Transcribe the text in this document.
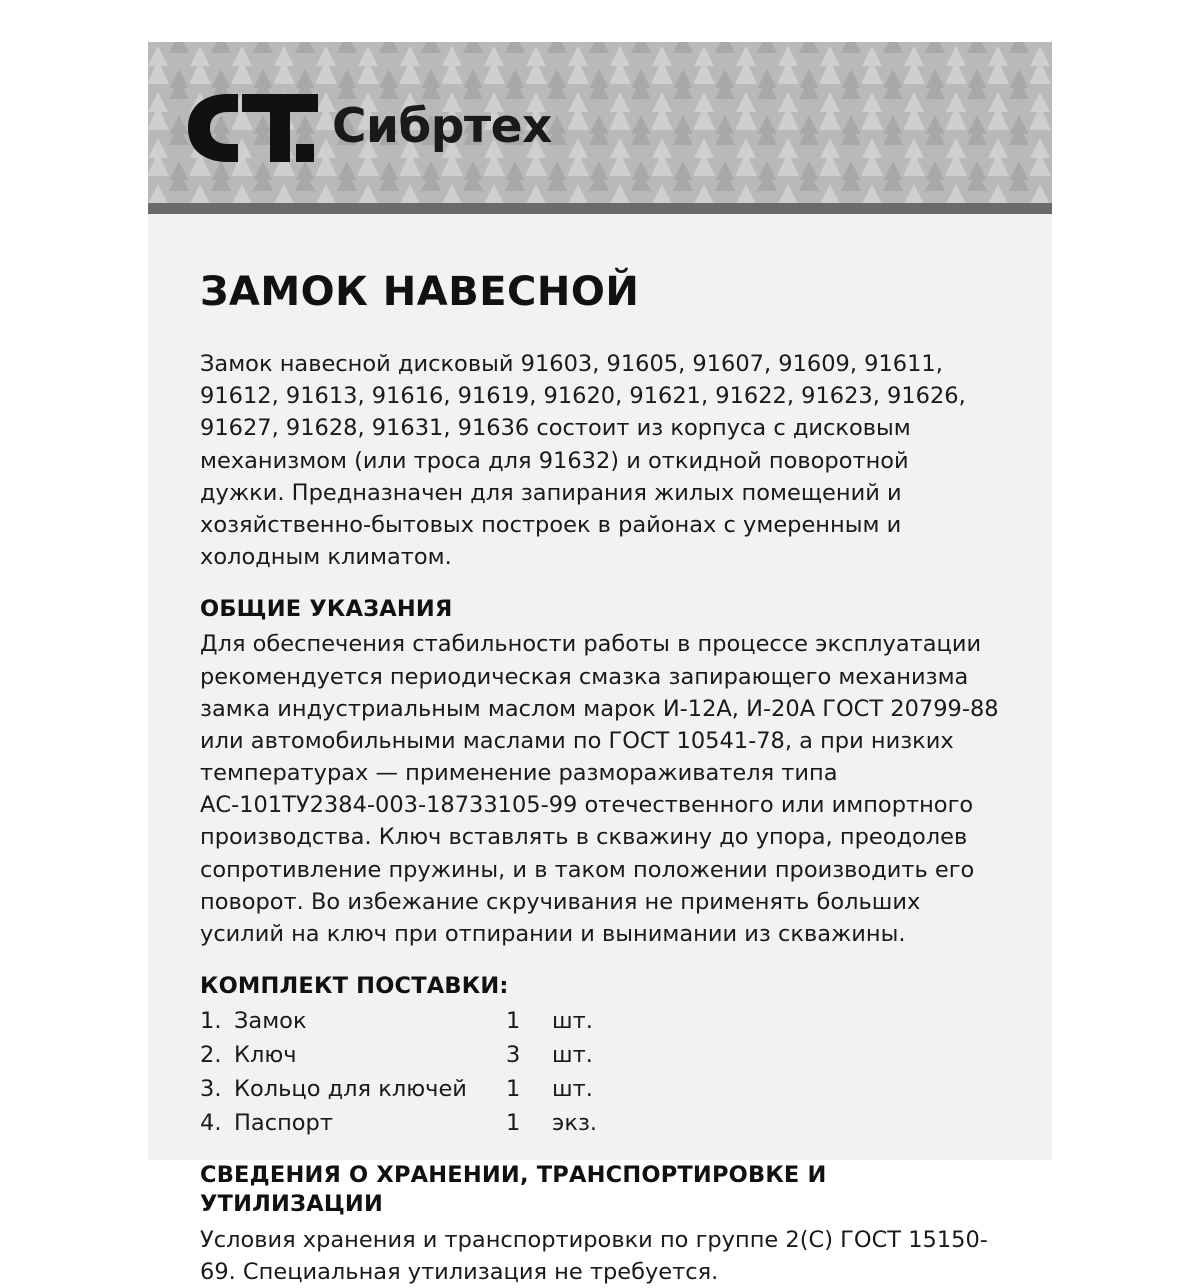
Сибртех
ЗАМОК НАВЕСНОЙ

Замок навесной дисковый 91603, 91605, 91607, 91609, 91611, 91612, 91613, 91616, 91619, 91620, 91621, 91622, 91623, 91626, 91627, 91628, 91631, 91636 состоит из корпуса с дисковым механизмом (или троса для 91632) и откидной поворотной дужки. Предназначен для запирания жилых помещений и хозяйственно-бытовых построек в районах с умеренным и холодным климатом.

ОБЩИЕ УКАЗАНИЯ

Для обеспечения стабильности работы в процессе эксплуатации рекомендуется периодическая смазка запирающего механизма замка индустриальным маслом марок И-12А, И-20А ГОСТ 20799-88 или автомобильными маслами по ГОСТ 10541-78, а при низких температурах — применение размораживателя типа АС-101ТУ2384-003-18733105-99 отечественного или импортного производства. Ключ вставлять в скважину до упора, преодолев сопротивление пружины, и в таком положении производить его поворот. Во избежание скручивания не применять больших усилий на ключ при отпирании и вынимании из скважины.

КОМПЛЕКТ ПОСТАВКИ:
1.	Замок	1	шт.
2.	Ключ	3	шт.
3.	Кольцо для ключей	1	шт.
4.	Паспорт	1	экз.
СВЕДЕНИЯ О ХРАНЕНИИ, ТРАНСПОРТИРОВКЕ И УТИЛИЗАЦИИ

Условия хранения и транспортировки по группе 2(С) ГОСТ 15150-69. Специальная утилизация не требуется.
